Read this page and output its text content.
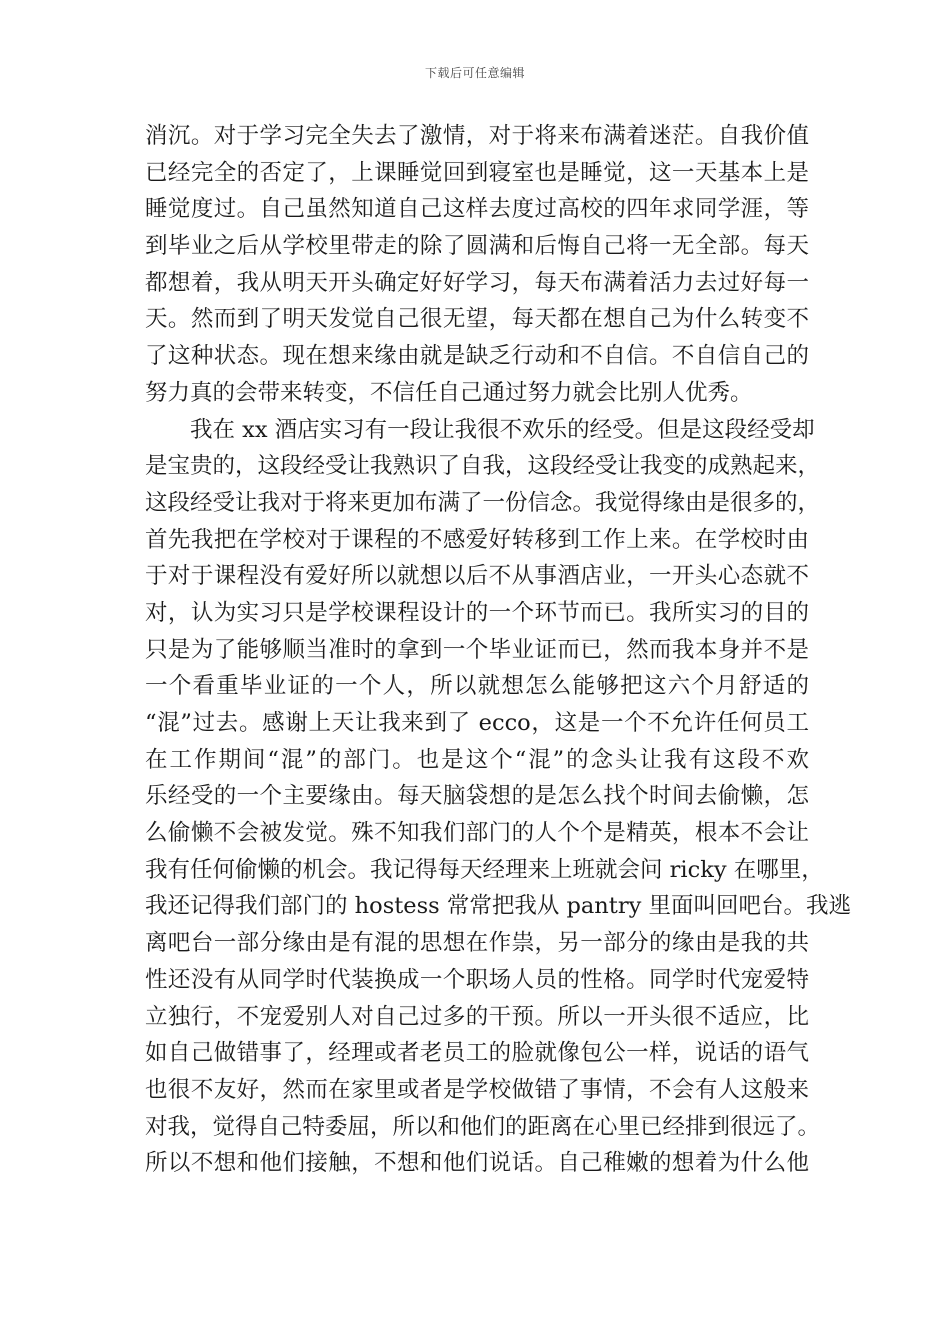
下载后可任意编辑
消沉。对于学习完全失去了激情，对于将来布满着迷茫。自我价值
已经完全的否定了，上课睡觉回到寝室也是睡觉，这一天基本上是
睡觉度过。自己虽然知道自己这样去度过高校的四年求同学涯，等
到毕业之后从学校里带走的除了圆满和后悔自己将一无全部。每天
都想着，我从明天开头确定好好学习，每天布满着活力去过好每一
天。然而到了明天发觉自己很无望，每天都在想自己为什么转变不
了这种状态。现在想来缘由就是缺乏行动和不自信。不自信自己的
努力真的会带来转变，不信任自己通过努力就会比别人优秀。
我在 xx 酒店实习有一段让我很不欢乐的经受。但是这段经受却
是宝贵的，这段经受让我熟识了自我，这段经受让我变的成熟起来，
这段经受让我对于将来更加布满了一份信念。我觉得缘由是很多的，
首先我把在学校对于课程的不感爱好转移到工作上来。在学校时由
于对于课程没有爱好所以就想以后不从事酒店业，一开头心态就不
对，认为实习只是学校课程设计的一个环节而已。我所实习的目的
只是为了能够顺当准时的拿到一个毕业证而已，然而我本身并不是
一个看重毕业证的一个人，所以就想怎么能够把这六个月舒适的
“混”过去。感谢上天让我来到了 ecco，这是一个不允许任何员工
在工作期间“混”的部门。也是这个“混”的念头让我有这段不欢
乐经受的一个主要缘由。每天脑袋想的是怎么找个时间去偷懒，怎
么偷懒不会被发觉。殊不知我们部门的人个个是精英，根本不会让
我有任何偷懒的机会。我记得每天经理来上班就会问 ricky 在哪里，
我还记得我们部门的 hostess 常常把我从 pantry 里面叫回吧台。我逃
离吧台一部分缘由是有混的思想在作祟，另一部分的缘由是我的共
性还没有从同学时代装换成一个职场人员的性格。同学时代宠爱特
立独行，不宠爱别人对自己过多的干预。所以一开头很不适应，比
如自己做错事了，经理或者老员工的脸就像包公一样，说话的语气
也很不友好，然而在家里或者是学校做错了事情，不会有人这般来
对我，觉得自己特委屈，所以和他们的距离在心里已经排到很远了。
所以不想和他们接触，不想和他们说话。自己稚嫩的想着为什么他
